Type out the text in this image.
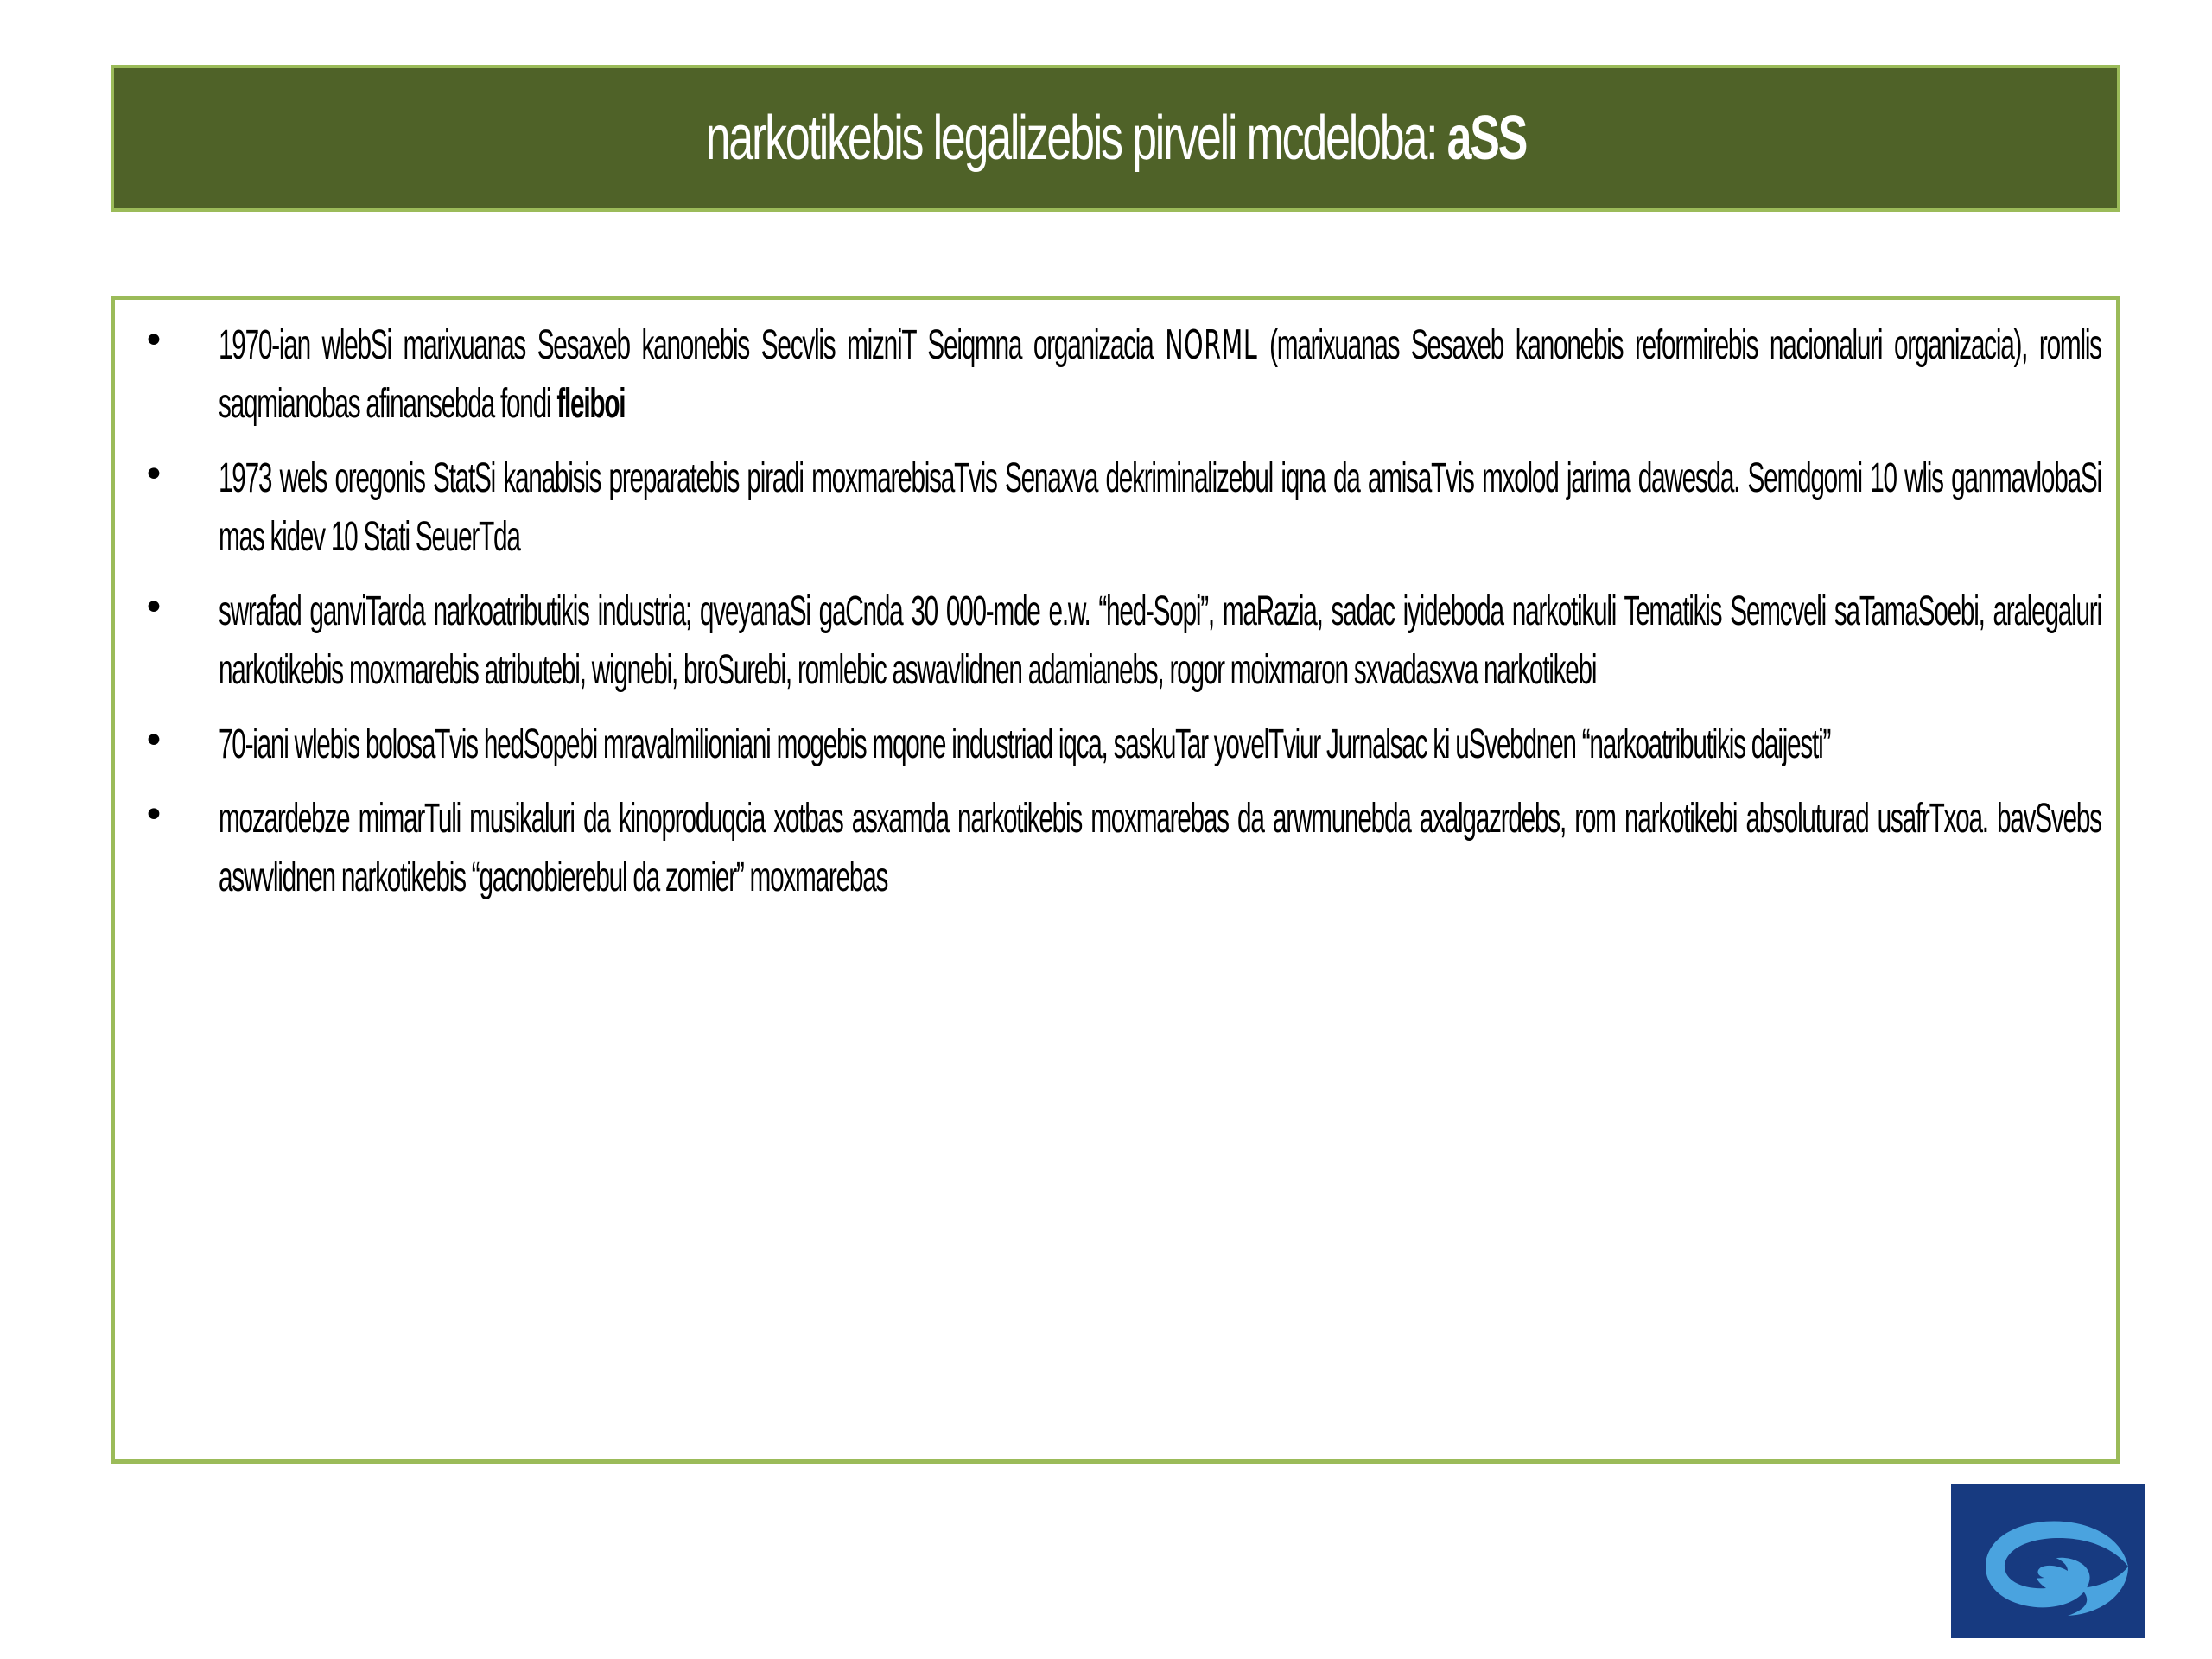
narkotikebis legalizebis pirveli mcdeloba: aSS
• 1970-ian wlebSi marixuanas Sesaxeb kanonebis Secvlis mizniT Seiqmna organizacia NORML (marixuanas Sesaxeb kanonebis reformirebis nacionaluri organizacia), romlis saqmianobas afinansebda fondi fleiboi
• 1973 wels oregonis StatSi kanabisis preparatebis piradi moxmarebisaTvis Senaxva dekriminalizebul iqna da amisaTvis mxolod jarima dawesda. Semdgomi 10 wlis ganmavlobaSi mas kidev 10 Stati SeuerTda
• swrafad ganviTarda narkoatributikis industria; qveyanaSi gaCnda 30 000-mde e.w. “hed-Sopi”, maRazia, sadac iyideboda narkotikuli Tematikis Semcveli saTamaSoebi, aralegaluri narkotikebis moxmarebis atributebi, wignebi, broSurebi, romlebic aswavlidnen adamianebs, rogor moixmaron sxvadasxva narkotikebi
• 70-iani wlebis bolosaTvis hedSopebi mravalmilioniani mogebis mqone industriad iqca, saskuTar yovelTviur Jurnalsac ki uSvebdnen “narkoatributikis daijesti”
• mozardebze mimarTuli musikaluri da kinoproduqcia xotbas asxamda narkotikebis moxmarebas da arwmunebda axalgazrdebs, rom narkotikebi absoluturad usafrTxoa. bavSvebs aswvlidnen narkotikebis “gacnobierebul da zomier” moxmarebas
